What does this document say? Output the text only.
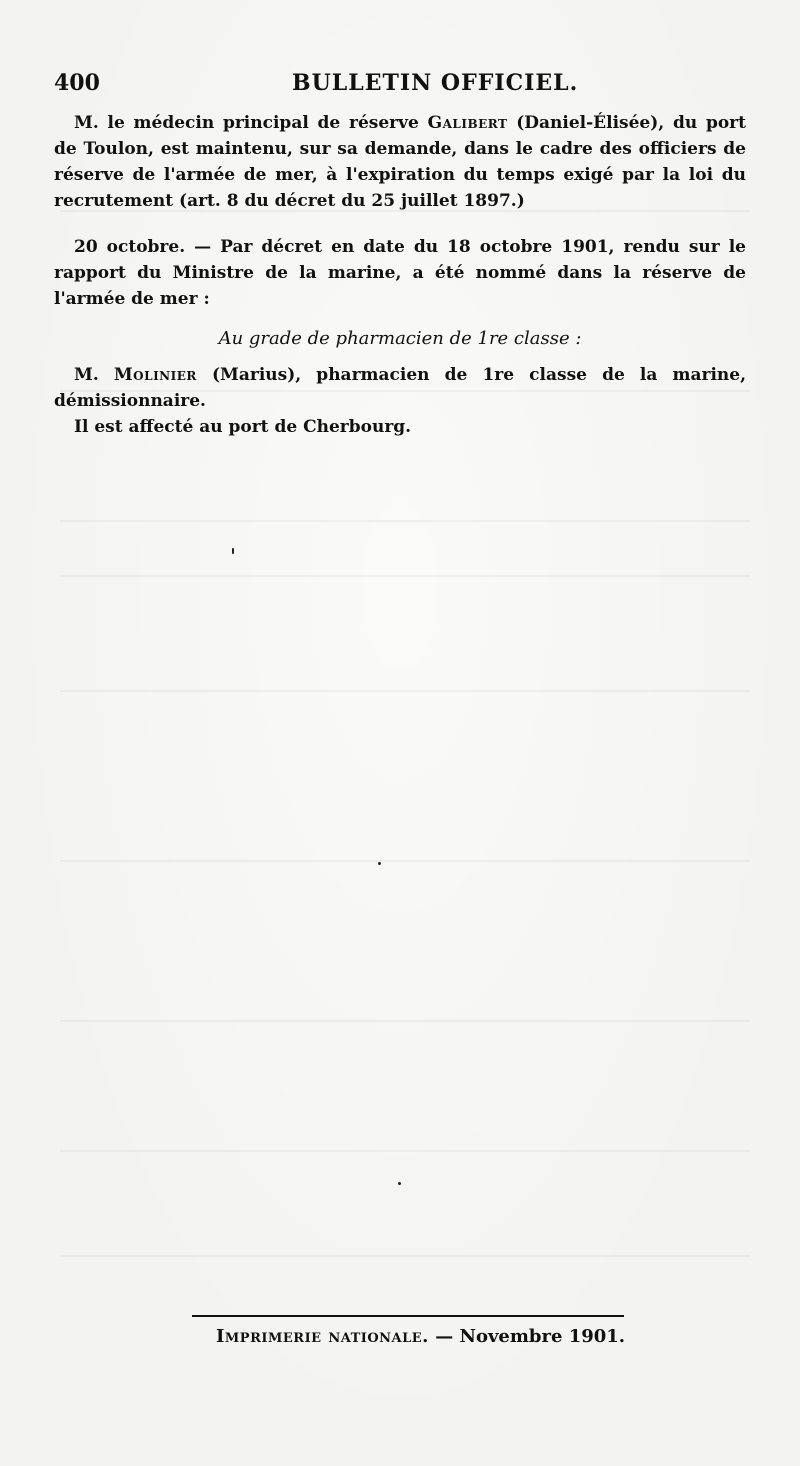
400	BULLETIN OFFICIEL.

M. le médecin principal de réserve Galibert (Daniel-Élisée), du port de Toulon, est maintenu, sur sa demande, dans le cadre des officiers de réserve de l'armée de mer, à l'expiration du temps exigé par la loi du recrutement (art. 8 du décret du 25 juillet 1897.)

20 octobre. — Par décret en date du 18 octobre 1901, rendu sur le rapport du Ministre de la marine, a été nommé dans la réserve de l'armée de mer :

Au grade de pharmacien de 1re classe :

M. Molinier (Marius), pharmacien de 1re classe de la marine, démissionnaire.
Il est affecté au port de Cherbourg.

Imprimerie nationale. — Novembre 1901.
